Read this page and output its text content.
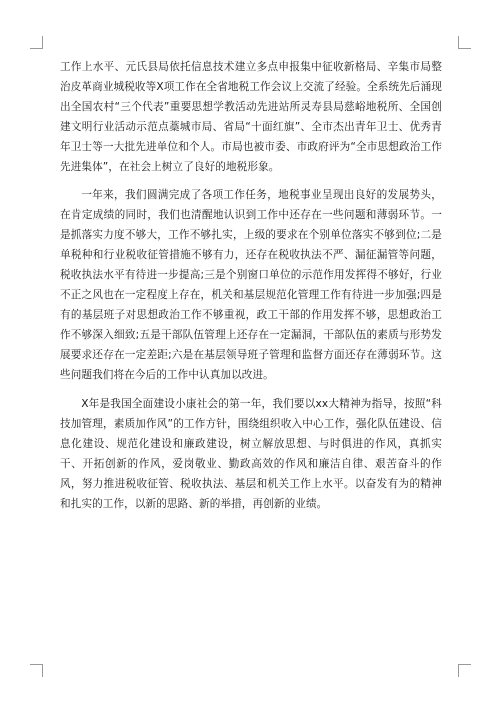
工作上水平、元氏县局依托信息技术建立多点申报集中征收新格局、辛集市局整治皮革商业城税收等X项工作在全省地税工作会议上交流了经验。全系统先后涌现出全国农村“三个代表”重要思想学教活动先进站所灵寿县局慈峪地税所、全国创建文明行业活动示范点藁城市局、省局“十面红旗”、全市杰出青年卫士、优秀青年卫士等一大批先进单位和个人。市局也被市委、市政府评为“全市思想政治工作先进集体”，在社会上树立了良好的地税形象。

一年来，我们圆满完成了各项工作任务，地税事业呈现出良好的发展势头，在肯定成绩的同时，我们也清醒地认识到工作中还存在一些问题和薄弱环节。一是抓落实力度不够大，工作不够扎实，上级的要求在个别单位落实不够到位;二是单税种和行业税收征管措施不够有力，还存在税收执法不严、漏征漏管等问题，税收执法水平有待进一步提高;三是个别窗口单位的示范作用发挥得不够好，行业不正之风也在一定程度上存在，机关和基层规范化管理工作有待进一步加强;四是有的基层班子对思想政治工作不够重视，政工干部的作用发挥不够，思想政治工作不够深入细致;五是干部队伍管理上还存在一定漏洞，干部队伍的素质与形势发展要求还存在一定差距;六是在基层领导班子管理和监督方面还存在薄弱环节。这些问题我们将在今后的工作中认真加以改进。

X年是我国全面建设小康社会的第一年，我们要以xx大精神为指导，按照“科技加管理，素质加作风”的工作方针，围绕组织收入中心工作，强化队伍建设、信息化建设、规范化建设和廉政建设，树立解放思想、与时俱进的作风，真抓实干、开拓创新的作风，爱岗敬业、勤政高效的作风和廉洁自律、艰苦奋斗的作风，努力推进税收征管、税收执法、基层和机关工作上水平。以奋发有为的精神和扎实的工作，以新的思路、新的举措，再创新的业绩。
